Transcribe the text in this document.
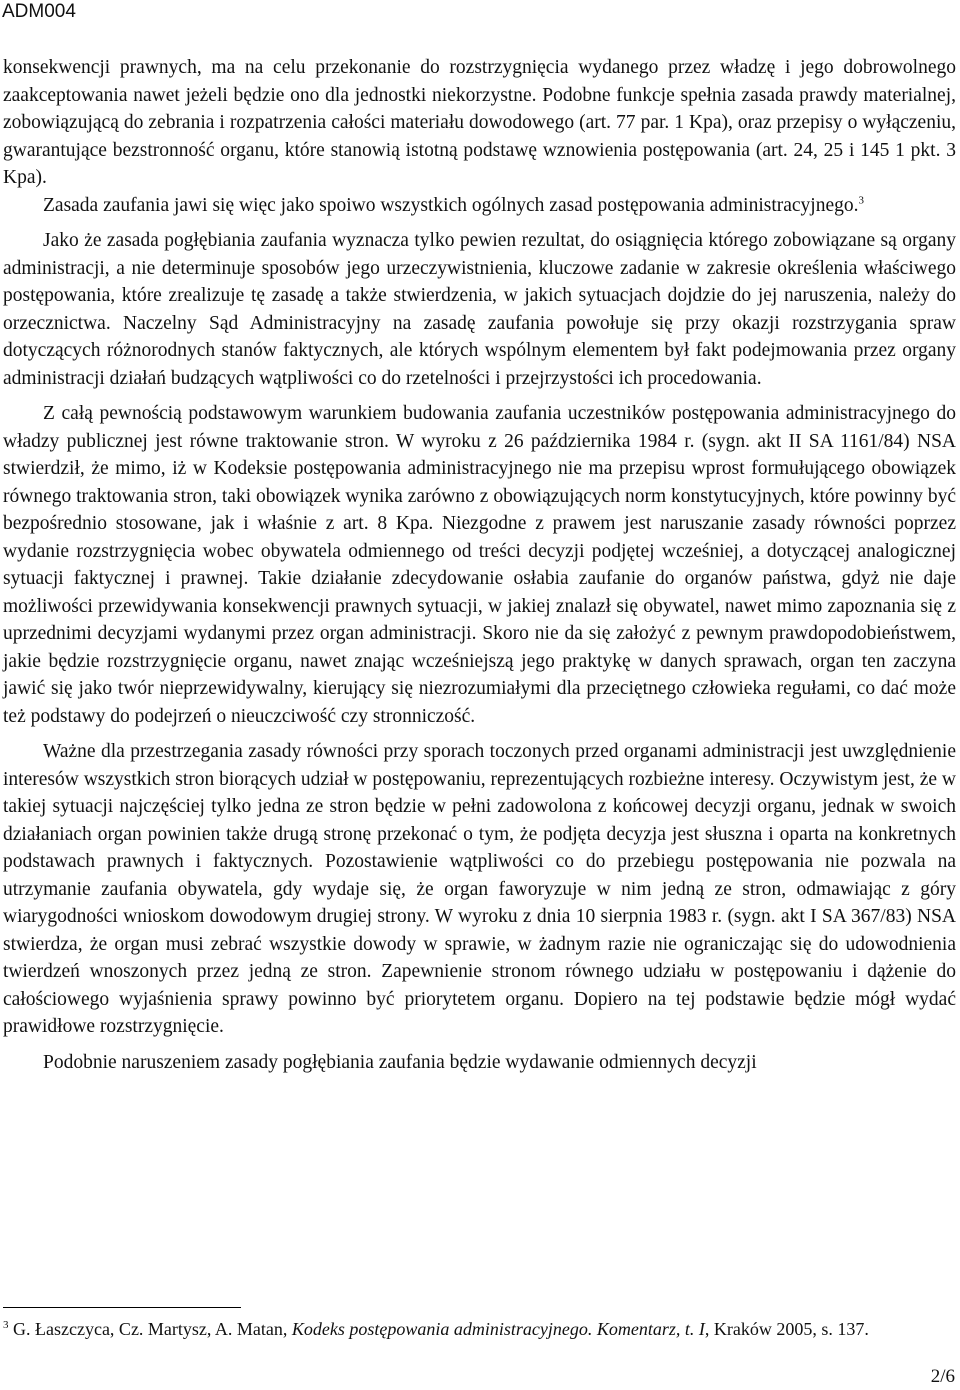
ADM004

konsekwencji prawnych, ma na celu przekonanie do rozstrzygnięcia wydanego przez władzę i jego dobrowolnego zaakceptowania nawet jeżeli będzie ono dla jednostki niekorzystne. Podobne funkcje spełnia zasada prawdy materialnej, zobowiązującą do zebrania i rozpatrzenia całości materiału dowodowego (art. 77 par. 1 Kpa), oraz przepisy o wyłączeniu, gwarantujące bezstronność organu, które stanowią istotną podstawę wznowienia postępowania (art. 24, 25 i 145 1 pkt. 3 Kpa).

Zasada zaufania jawi się więc jako spoiwo wszystkich ogólnych zasad postępowania administracyjnego.$^3$

Jako że zasada pogłębiania zaufania wyznacza tylko pewien rezultat, do osiągnięcia którego zobowiązane są organy administracji, a nie determinuje sposobów jego urzeczywistnienia, kluczowe zadanie w zakresie określenia właściwego postępowania, które zrealizuje tę zasadę a także stwierdzenia, w jakich sytuacjach dojdzie do jej naruszenia, należy do orzecznictwa. Naczelny Sąd Administracyjny na zasadę zaufania powołuje się przy okazji rozstrzygania spraw dotyczących różnorodnych stanów faktycznych, ale których wspólnym elementem był fakt podejmowania przez organy administracji działań budzących wątpliwości co do rzetelności i przejrzystości ich procedowania.

Z całą pewnością podstawowym warunkiem budowania zaufania uczestników postępowania administracyjnego do władzy publicznej jest równe traktowanie stron. W wyroku z 26 października 1984 r. (sygn. akt II SA 1161/84) NSA stwierdził, że mimo, iż w Kodeksie postępowania administracyjnego nie ma przepisu wprost formułującego obowiązek równego traktowania stron, taki obowiązek wynika zarówno z obowiązujących norm konstytucyjnych, które powinny być bezpośrednio stosowane, jak i właśnie z art. 8 Kpa. Niezgodne z prawem jest naruszanie zasady równości poprzez wydanie rozstrzygnięcia wobec obywatela odmiennego od treści decyzji podjętej wcześniej, a dotyczącej analogicznej sytuacji faktycznej i prawnej. Takie działanie zdecydowanie osłabia zaufanie do organów państwa, gdyż nie daje możliwości przewidywania konsekwencji prawnych sytuacji, w jakiej znalazł się obywatel, nawet mimo zapoznania się z uprzednimi decyzjami wydanymi przez organ administracji. Skoro nie da się założyć z pewnym prawdopodobieństwem, jakie będzie rozstrzygnięcie organu, nawet znając wcześniejszą jego praktykę w danych sprawach, organ ten zaczyna jawić się jako twór nieprzewidywalny, kierujący się niezrozumiałymi dla przeciętnego człowieka regułami, co dać może też podstawy do podejrzeń o nieuczciwość czy stronniczość.

Ważne dla przestrzegania zasady równości przy sporach toczonych przed organami administracji jest uwzględnienie interesów wszystkich stron biorących udział w postępowaniu, reprezentujących rozbieżne interesy. Oczywistym jest, że w takiej sytuacji najczęściej tylko jedna ze stron będzie w pełni zadowolona z końcowej decyzji organu, jednak w swoich działaniach organ powinien także drugą stronę przekonać o tym, że podjęta decyzja jest słuszna i oparta na konkretnych podstawach prawnych i faktycznych. Pozostawienie wątpliwości co do przebiegu postępowania nie pozwala na utrzymanie zaufania obywatela, gdy wydaje się, że organ faworyzuje w nim jedną ze stron, odmawiając z góry wiarygodności wnioskom dowodowym drugiej strony. W wyroku z dnia 10 sierpnia 1983 r. (sygn. akt I SA 367/83) NSA stwierdza, że organ musi zebrać wszystkie dowody w sprawie, w żadnym razie nie ograniczając się do udowodnienia twierdzeń wnoszonych przez jedną ze stron. Zapewnienie stronom równego udziału w postępowaniu i dążenie do całościowego wyjaśnienia sprawy powinno być priorytetem organu. Dopiero na tej podstawie będzie mógł wydać prawidłowe rozstrzygnięcie.

Podobnie naruszeniem zasady pogłębiania zaufania będzie wydawanie odmiennych decyzji

$^3$ G. Łaszczyca, Cz. Martysz, A. Matan, Kodeks postępowania administracyjnego. Komentarz, t. I, Kraków 2005, s. 137.
2/6
